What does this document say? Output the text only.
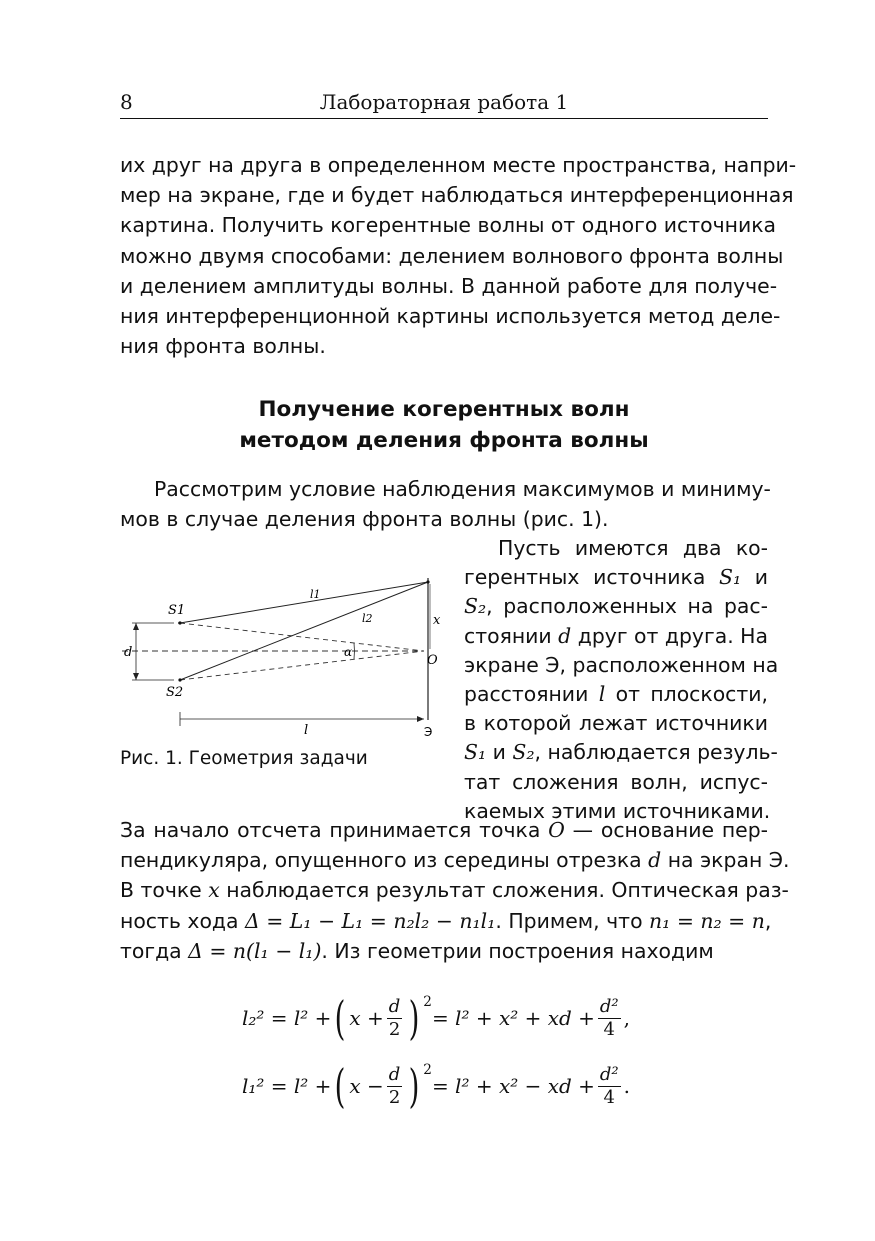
8	Лабораторная работа 1
их друг на друга в определенном месте пространства, напри-
мер на экране, где и будет наблюдаться интерференционная
картина. Получить когерентные волны от одного источника
можно двумя способами: делением волнового фронта волны
и делением амплитуды волны. В данной работе для получе-
ния интерференционной картины используется метод деле-
ния фронта волны.
Получение когерентных волн
методом деления фронта волны
Рассмотрим условие наблюдения максимумов и миниму-
мов в случае деления фронта волны (рис. 1).
S1
S2
d
l
x
O
α
l1
l2
Э
Рис. 1. Геометрия задачи
Пусть имеются два ко-
герентных источника S₁ и
S₂, расположенных на рас-
стоянии d друг от друга. На
экране Э, расположенном на
расстоянии l от плоскости,
в которой лежат источники
S₁ и S₂, наблюдается резуль-
тат сложения волн, испус-
каемых этими источниками.
За начало отсчета принимается точка O — основание пер-
пендикуляра, опущенного из середины отрезка d на экран Э.
В точке x наблюдается результат сложения. Оптическая раз-
ность хода Δ = L₁ − L₁ = n₂l₂ − n₁l₁. Примем, что n₁ = n₂ = n,
тогда Δ = n(l₁ − l₁). Из геометрии построения находим
l₂² = l² + ( $x + \frac{d}{2}$ ) $^2$
= l² + x² + xd + $\frac{\text{d²}}{4}$ ,
l₁² = l² + ( $x - \frac{d}{2}$ ) $^2$
= l² + x² − xd + $\frac{\text{d²}}{4}$ .
